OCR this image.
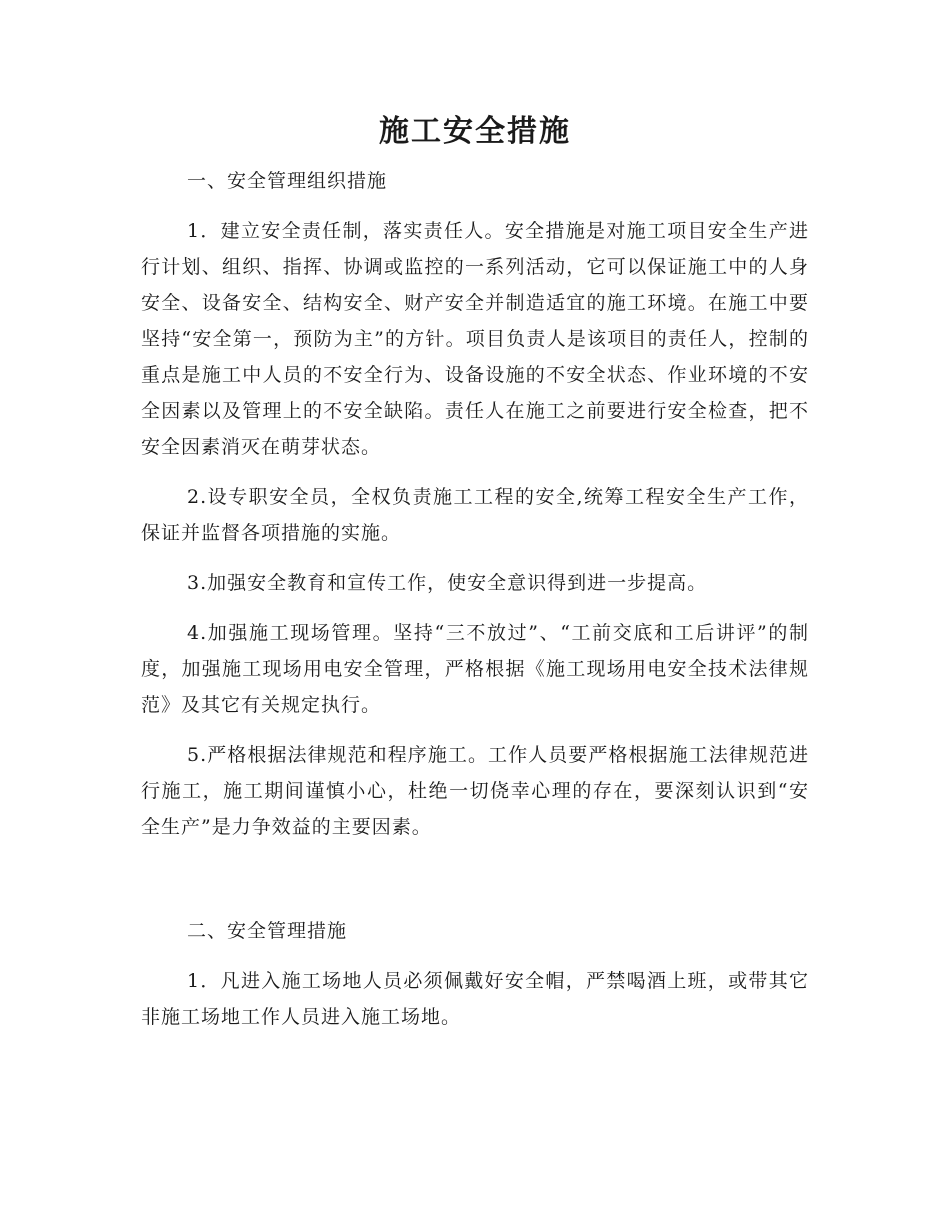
施工安全措施

一、安全管理组织措施

1．建立安全责任制，落实责任人。安全措施是对施工项目安全生产进行计划、组织、指挥、协调或监控的一系列活动，它可以保证施工中的人身安全、设备安全、结构安全、财产安全并制造适宜的施工环境。在施工中要坚持“安全第一，预防为主”的方针。项目负责人是该项目的责任人，控制的重点是施工中人员的不安全行为、设备设施的不安全状态、作业环境的不安全因素以及管理上的不安全缺陷。责任人在施工之前要进行安全检查，把不安全因素消灭在萌芽状态。

2.设专职安全员，全权负责施工工程的安全,统筹工程安全生产工作，保证并监督各项措施的实施。

3.加强安全教育和宣传工作，使安全意识得到进一步提高。

4.加强施工现场管理。坚持“三不放过”、“工前交底和工后讲评”的制度，加强施工现场用电安全管理，严格根据《施工现场用电安全技术法律规范》及其它有关规定执行。

5.严格根据法律规范和程序施工。工作人员要严格根据施工法律规范进行施工，施工期间谨慎小心，杜绝一切侥幸心理的存在，要深刻认识到“安全生产”是力争效益的主要因素。

二、安全管理措施

1．凡进入施工场地人员必须佩戴好安全帽，严禁喝酒上班，或带其它非施工场地工作人员进入施工场地。
